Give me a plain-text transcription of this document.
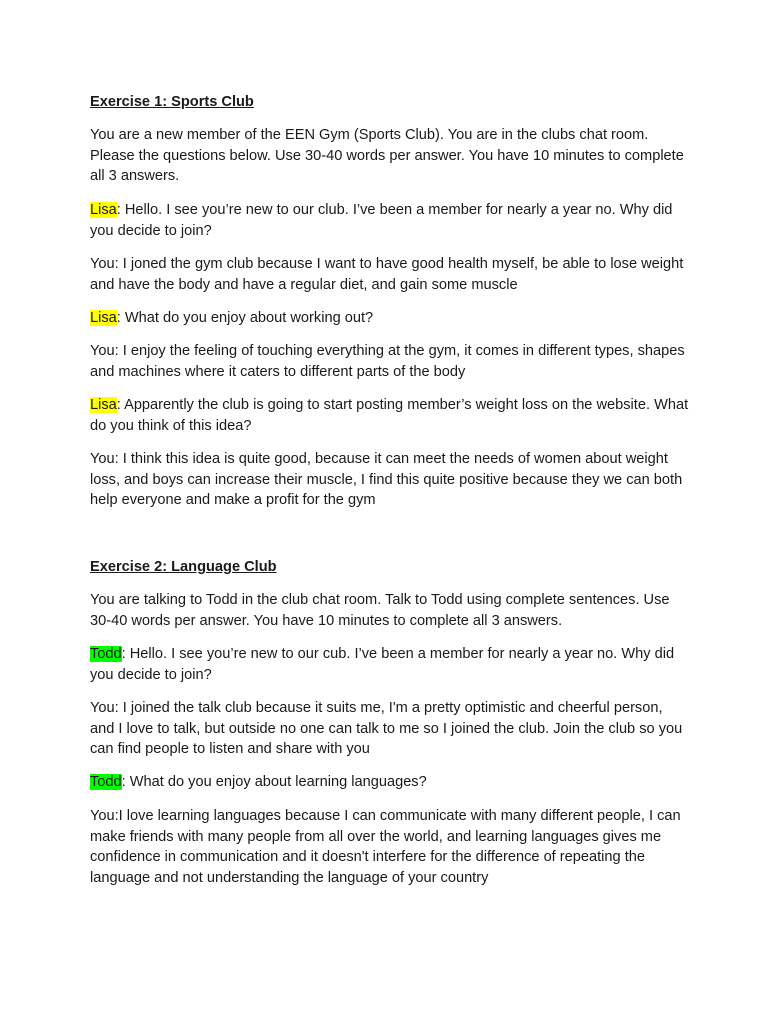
Exercise 1: Sports Club

You are a new member of the EEN Gym (Sports Club). You are in the clubs chat room. Please the questions below. Use 30-40 words per answer. You have 10 minutes to complete all 3 answers.

Lisa: Hello. I see you’re new to our club. I’ve been a member for nearly a year no. Why did you decide to join?

You: I joned the gym club because I want to have good health myself, be able to lose weight and have the body and have a regular diet, and gain some muscle

Lisa: What do you enjoy about working out?

You: I enjoy the feeling of touching everything at the gym, it comes in different types, shapes and machines where it caters to different parts of the body

Lisa: Apparently the club is going to start posting member’s weight loss on the website. What do you think of this idea?

You: I think this idea is quite good, because it can meet the needs of women about weight loss, and boys can increase their muscle, I find this quite positive because they we can both help everyone and make a profit for the gym

Exercise 2: Language Club

You are talking to Todd in the club chat room. Talk to Todd using complete sentences. Use 30-40 words per answer. You have 10 minutes to complete all 3 answers.

Todd: Hello. I see you’re new to our cub. I’ve been a member for nearly a year no. Why did you decide to join?

You: I joined the talk club because it suits me, I'm a pretty optimistic and cheerful person, and I love to talk, but outside no one can talk to me so I joined the club. Join the club so you can find people to listen and share with you

Todd: What do you enjoy about learning languages?

You:I love learning languages because I can communicate with many different people, I can make friends with many people from all over the world, and learning languages gives me confidence in communication and it doesn't interfere for the difference of repeating the language and not understanding the language of your country
